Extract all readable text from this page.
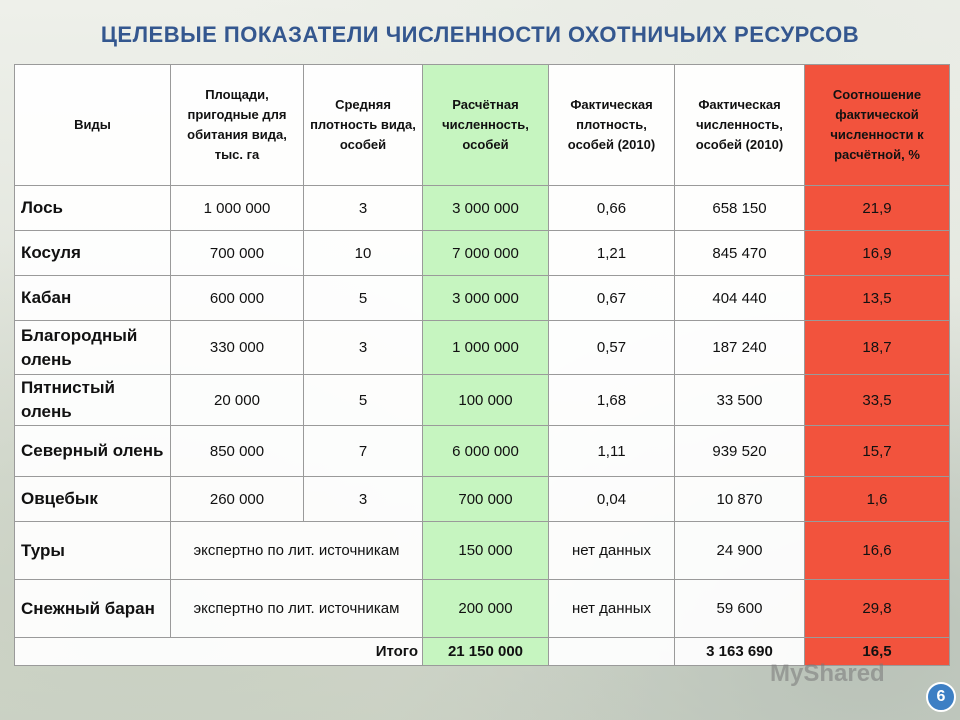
ЦЕЛЕВЫЕ ПОКАЗАТЕЛИ ЧИСЛЕННОСТИ ОХОТНИЧЬИХ РЕСУРСОВ
Виды	Площади, пригодные для обитания вида, тыс. га	Средняя плотность вида, особей	Расчётная численность, особей	Фактическая плотность, особей (2010)	Фактическая численность, особей (2010)	Соотношение фактической численности к расчётной, %
Лось	1 000 000	3	3 000 000	0,66	658 150	21,9
Косуля	700 000	10	7 000 000	1,21	845 470	16,9
Кабан	600 000	5	3 000 000	0,67	404 440	13,5
Благородный олень	330 000	3	1 000 000	0,57	187 240	18,7
Пятнистый олень	20 000	5	100 000	1,68	33 500	33,5
Северный олень	850 000	7	6 000 000	1,11	939 520	15,7
Овцебык	260 000	3	700 000	0,04	10 870	1,6
Туры	экспертно по лит. источникам		150 000	нет данных	24 900	16,6
Снежный баран	экспертно по лит. источникам		200 000	нет данных	59 600	29,8
Итого			21 150 000		3 163 690	16,5
MyShared
6
